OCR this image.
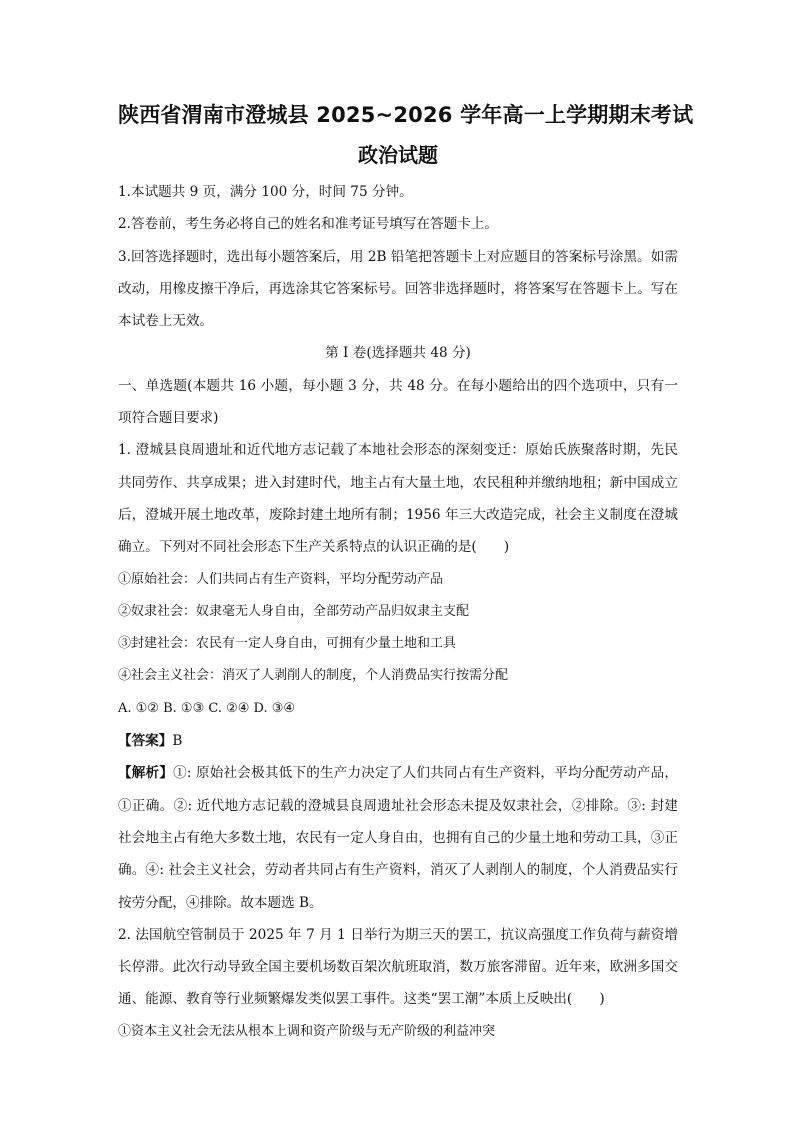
陕西省渭南市澄城县 2025~2026 学年高一上学期期末考试
政治试题

1.本试题共 9 页，满分 100 分，时间 75 分钟。

2.答卷前，考生务必将自己的姓名和准考证号填写在答题卡上。

3.回答选择题时，选出每小题答案后，用 2B 铅笔把答题卡上对应题目的答案标号涂黑。如需改动，用橡皮擦干净后，再选涂其它答案标号。回答非选择题时，将答案写在答题卡上。写在本试卷上无效。

第 I 卷(选择题共 48 分)

一、单选题(本题共 16 小题，每小题 3 分，共 48 分。在每小题给出的四个选项中，只有一项符合题目要求)

1. 澄城县良周遗址和近代地方志记载了本地社会形态的深刻变迁：原始氏族聚落时期，先民共同劳作、共享成果；进入封建时代，地主占有大量土地，农民租种并缴纳地租；新中国成立后，澄城开展土地改革，废除封建土地所有制；1956 年三大改造完成，社会主义制度在澄城确立。下列对不同社会形态下生产关系特点的认识正确的是(　　)

①原始社会：人们共同占有生产资料，平均分配劳动产品

②奴隶社会：奴隶毫无人身自由，全部劳动产品归奴隶主支配

③封建社会：农民有一定人身自由，可拥有少量土地和工具

④社会主义社会：消灭了人剥削人的制度，个人消费品实行按需分配

A. ①② B. ①③ C. ②④ D. ③④

【答案】B

【解析】①: 原始社会极其低下的生产力决定了人们共同占有生产资料，平均分配劳动产品，①正确。②: 近代地方志记载的澄城县良周遗址社会形态未提及奴隶社会，②排除。③: 封建社会地主占有绝大多数土地，农民有一定人身自由，也拥有自己的少量土地和劳动工具，③正确。④: 社会主义社会，劳动者共同占有生产资料，消灭了人剥削人的制度，个人消费品实行按劳分配，④排除。故本题选 B。

2. 法国航空管制员于 2025 年 7 月 1 日举行为期三天的罢工，抗议高强度工作负荷与薪资增长停滞。此次行动导致全国主要机场数百架次航班取消，数万旅客滞留。近年来，欧洲多国交通、能源、教育等行业频繁爆发类似罢工事件。这类“罢工潮”本质上反映出(　　)

①资本主义社会无法从根本上调和资产阶级与无产阶级的利益冲突
